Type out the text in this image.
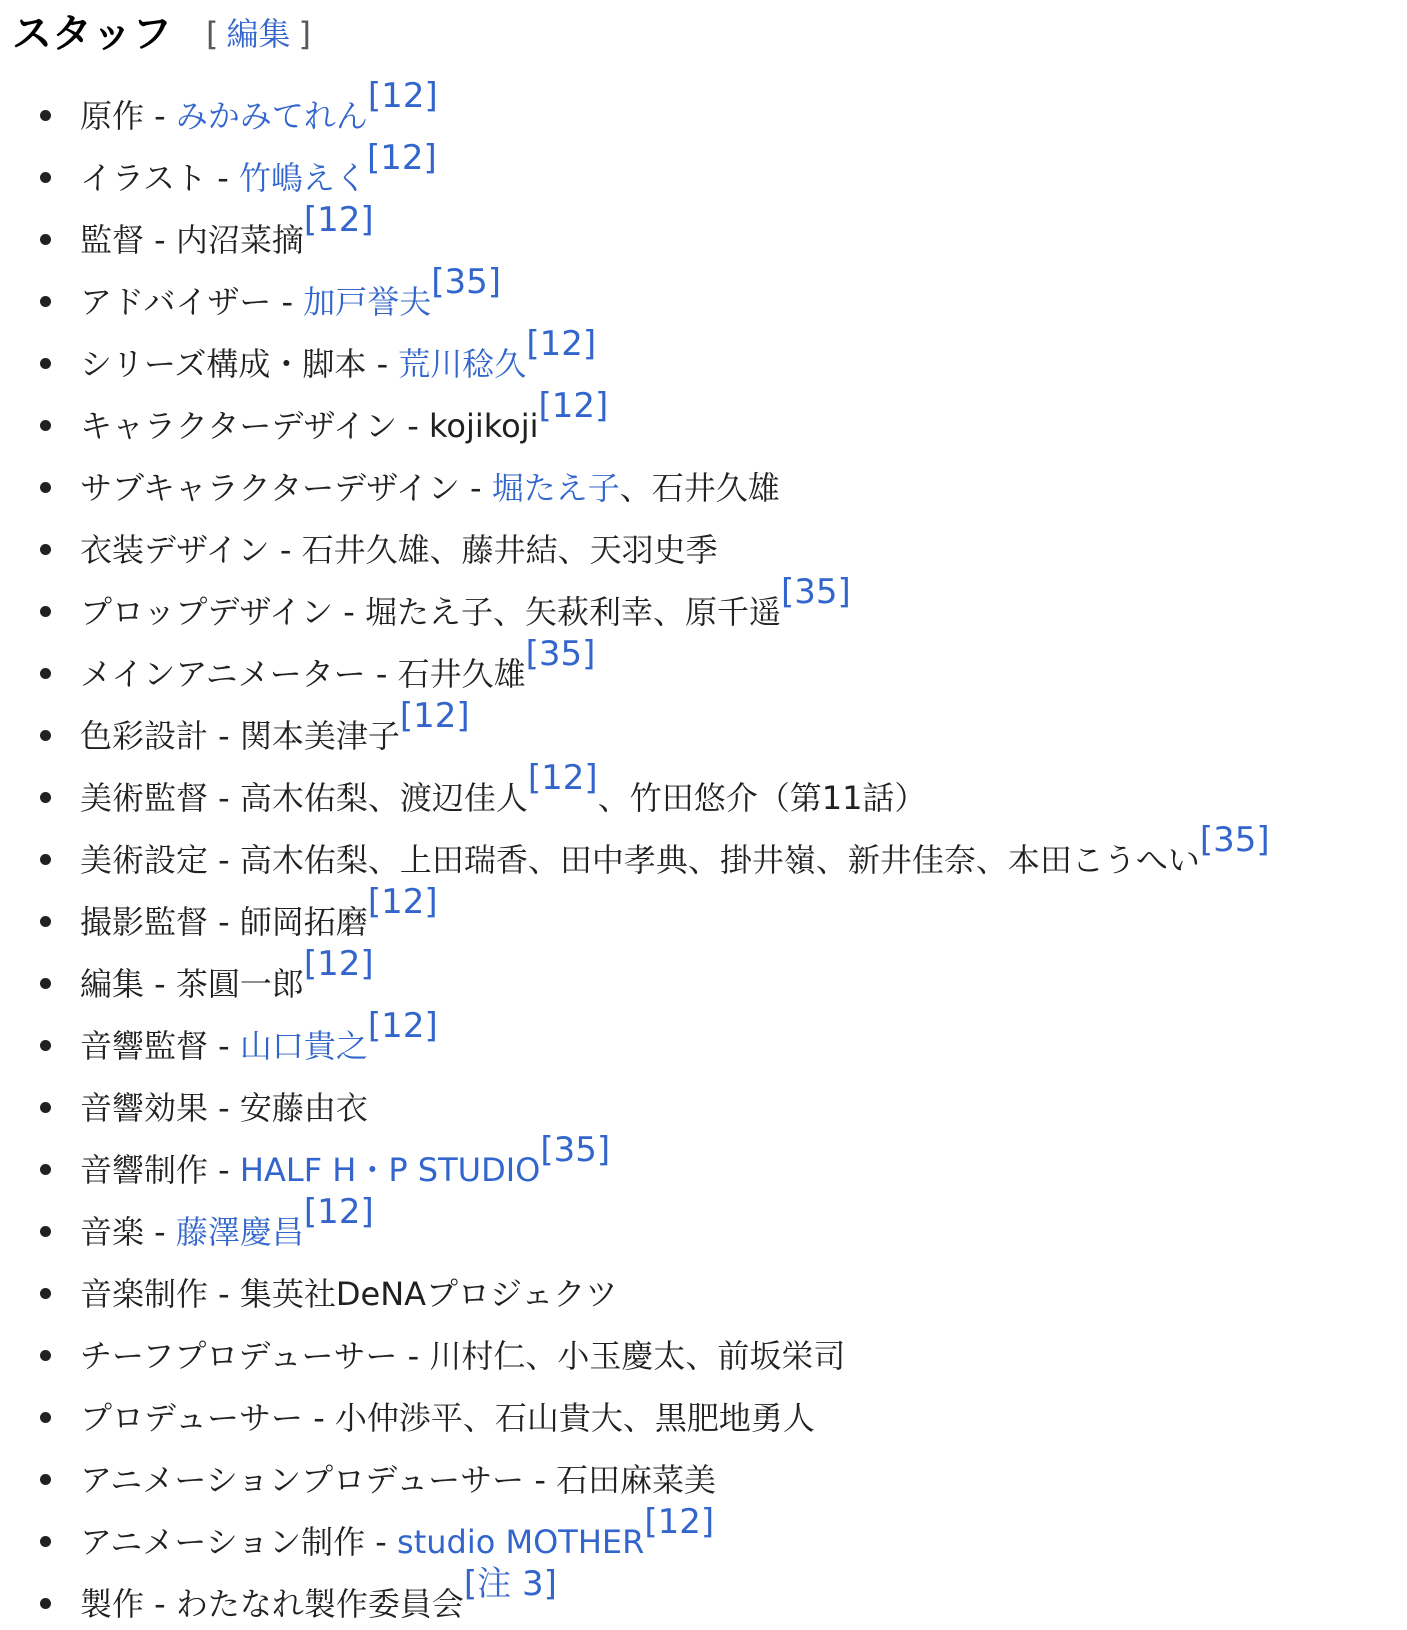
スタッフ [ 編集 ]
原作 - みかみてれん[12]
イラスト - 竹嶋えく[12]
監督 - 内沼菜摘[12]
アドバイザー - 加戸誉夫[35]
シリーズ構成・脚本 - 荒川稔久[12]
キャラクターデザイン - kojikoji[12]
サブキャラクターデザイン - 堀たえ子、石井久雄
衣装デザイン - 石井久雄、藤井結、天羽史季
プロップデザイン - 堀たえ子、矢萩利幸、原千遥[35]
メインアニメーター - 石井久雄[35]
色彩設計 - 関本美津子[12]
美術監督 - 高木佑梨、渡辺佳人[12]、竹田悠介（第11話）
美術設定 - 高木佑梨、上田瑞香、田中孝典、掛井嶺、新井佳奈、本田こうへい[35]
撮影監督 - 師岡拓磨[12]
編集 - 茶圓一郎[12]
音響監督 - 山口貴之[12]
音響効果 - 安藤由衣
音響制作 - HALF H・P STUDIO[35]
音楽 - 藤澤慶昌[12]
音楽制作 - 集英社DeNAプロジェクツ
チーフプロデューサー - 川村仁、小玉慶太、前坂栄司
プロデューサー - 小仲渉平、石山貴大、黒肥地勇人
アニメーションプロデューサー - 石田麻菜美
アニメーション制作 - studio MOTHER[12]
製作 - わたなれ製作委員会[注 3]
